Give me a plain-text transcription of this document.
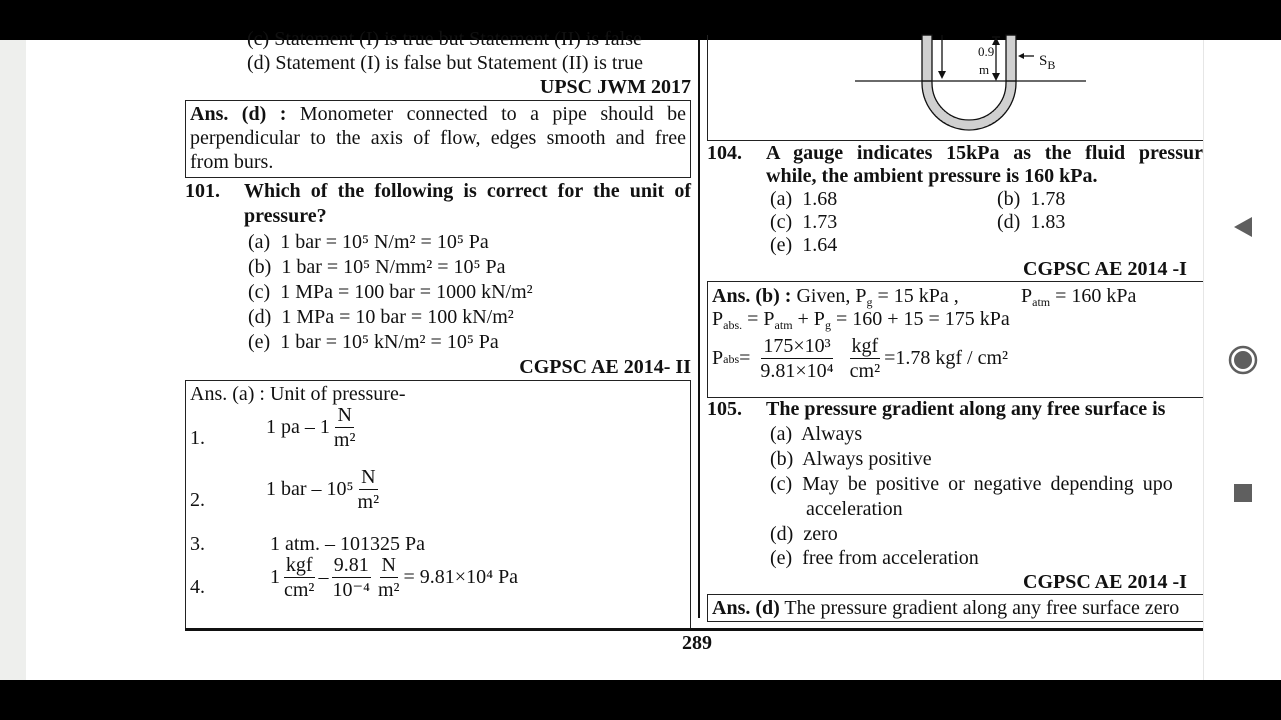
(c) Statement (I) is true but Statement (II) is false
(d) Statement (I) is false but Statement (II) is true
UPSC JWM 2017
Ans. (d) : Monometer connected to a pipe should be
perpendicular to the axis of flow, edges smooth and free
from burs.
101. Which of the following is correct for the unit of
pressure?
(a) 1 bar = 10⁵ N/m² = 10⁵ Pa
(b) 1 bar = 10⁵ N/mm² = 10⁵ Pa
(c) 1 MPa = 100 bar = 1000 kN/m²
(d) 1 MPa = 10 bar = 100 kN/m²
(e) 1 bar = 10⁵ kN/m² = 10⁵ Pa
CGPSC AE 2014- II
Ans. (a) : Unit of pressure-
1.	1 pa – $1 \frac{N}{\text{m²}}$
2.	1 bar – $10^5 \frac{N}{\text{m²}}$
3.	1 atm. – 101325 Pa
4.	$1 \frac{\text{kgf}}{\text{cm²}} - \frac{9.81}{\text{10⁻⁴}} \frac{N}{\text{m²}} = 9.81\times 10^4$ Pa
0.9
m
$S_B$
104. A gauge indicates 15kPa as the fluid pressur
while, the ambient pressure is 160 kPa.
(a) 1.68	(b) 1.78
(c) 1.73	(d) 1.83
(e) 1.64
CGPSC AE 2014 -I
Ans. (b) : Given, $P_g = 15$ kPa ,	$P_{atm} = 160$ kPa
$P_{abs.} = P_{atm} + P_g = 160 + 15 = 175$ kPa
P abs = $\frac{\text{175×10³}}{\text{9.81×10⁴}} \frac{\text{kgf}}{\text{cm²}} =1.78$ kgf / cm²
105. The pressure gradient along any free surface is
(a) Always
(b) Always positive
(c) May be positive or negative depending upo
acceleration
(d) zero
(e) free from acceleration
CGPSC AE 2014 -I
Ans. (d) The pressure gradient along any free surface zero
289
